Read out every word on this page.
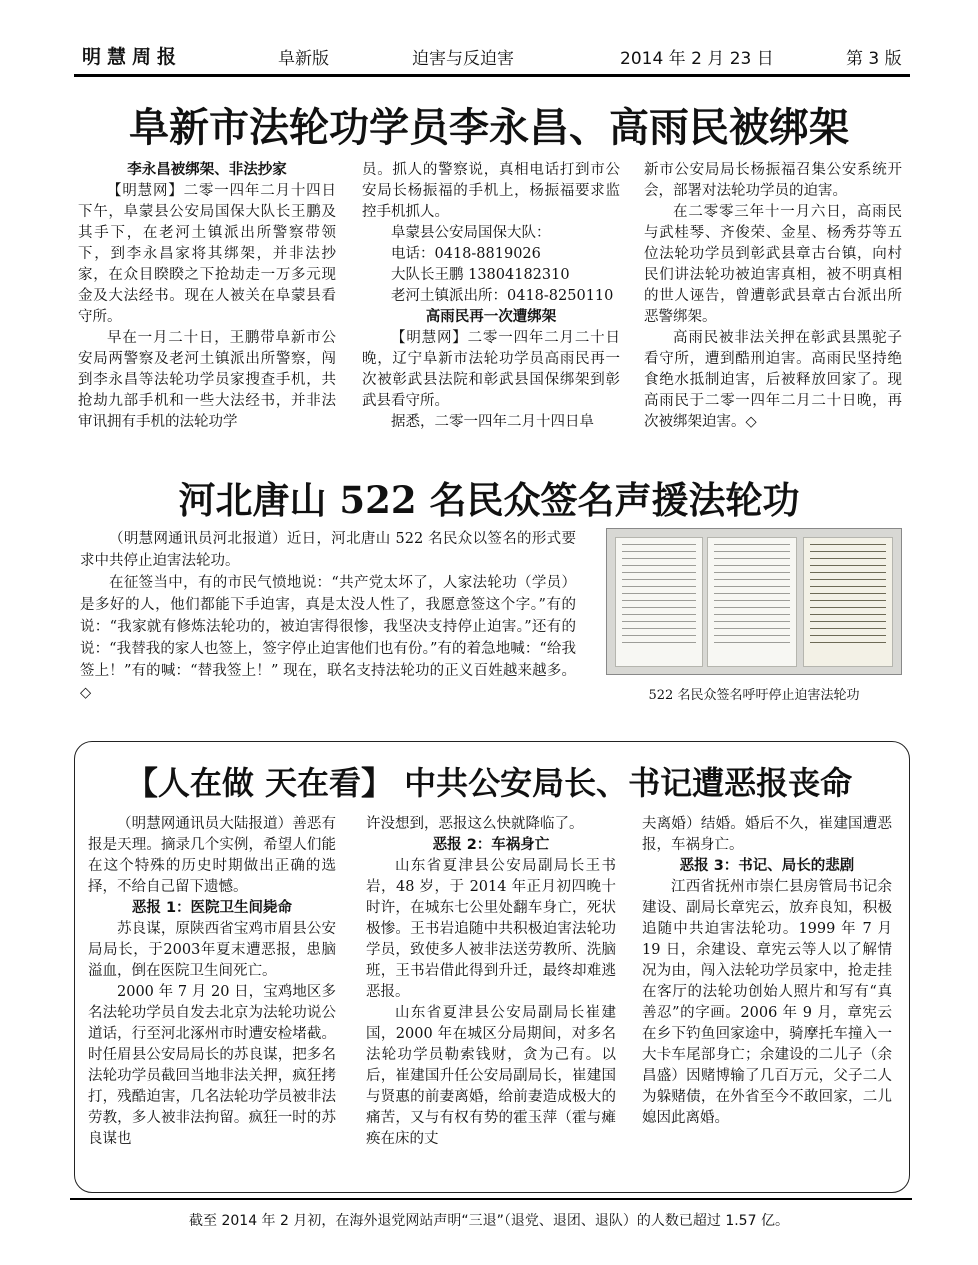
明慧周报	阜新版	迫害与反迫害	2014 年 2 月 23 日	第 3 版
阜新市法轮功学员李永昌、高雨民被绑架
李永昌被绑架、非法抄家

【明慧网】二零一四年二月十四日下午，阜蒙县公安局国保大队长王鹏及其手下，在老河土镇派出所警察带领下，到李永昌家将其绑架，并非法抄家，在众目睽睽之下抢劫走一万多元现金及大法经书。现在人被关在阜蒙县看守所。

早在一月二十日，王鹏带阜新市公安局两警察及老河土镇派出所警察，闯到李永昌等法轮功学员家搜查手机，共抢劫九部手机和一些大法经书，并非法审讯拥有手机的法轮功学

员。抓人的警察说，真相电话打到市公安局长杨振福的手机上，杨振福要求监控手机抓人。

阜蒙县公安局国保大队：
电话：0418-8819026
大队长王鹏 13804182310
老河土镇派出所：0418-8250110
高雨民再一次遭绑架

【明慧网】二零一四年二月二十日晚，辽宁阜新市法轮功学员高雨民再一次被彰武县法院和彰武县国保绑架到彰武县看守所。

据悉，二零一四年二月十四日阜

新市公安局局长杨振福召集公安系统开会，部署对法轮功学员的迫害。

在二零零三年十一月六日，高雨民与武桂琴、齐俊荣、金星、杨秀芬等五位法轮功学员到彰武县章古台镇，向村民们讲法轮功被迫害真相，被不明真相的世人诬告，曾遭彰武县章古台派出所恶警绑架。

高雨民被非法关押在彰武县黑驼子看守所，遭到酷刑迫害。高雨民坚持绝食绝水抵制迫害，后被释放回家了。现高雨民于二零一四年二月二十日晚，再次被绑架迫害。◇

河北唐山 522 名民众签名声援法轮功

（明慧网通讯员河北报道）近日，河北唐山 522 名民众以签名的形式要求中共停止迫害法轮功。

在征签当中，有的市民气愤地说：“共产党太坏了，人家法轮功（学员）是多好的人，他们都能下手迫害，真是太没人性了，我愿意签这个字。”有的说：“我家就有修炼法轮功的，被迫害得很惨，我坚决支持停止迫害。”还有的说：“我替我的家人也签上，签字停止迫害他们也有份。”有的着急地喊：“给我签上！”有的喊：“替我签上！” 现在，联名支持法轮功的正义百姓越来越多。◇	522 名民众签名呼吁停止迫害法轮功
【人在做 天在看】 中共公安局长、书记遭恶报丧命

（明慧网通讯员大陆报道）善恶有报是天理。摘录几个实例，希望人们能在这个特殊的历史时期做出正确的选择，不给自己留下遗憾。

恶报 1：医院卫生间毙命

苏良谋，原陕西省宝鸡市眉县公安局局长，于2003年夏末遭恶报，患脑溢血，倒在医院卫生间死亡。

2000 年 7 月 20 日，宝鸡地区多名法轮功学员自发去北京为法轮功说公道话，行至河北涿州市时遭安检堵截。时任眉县公安局局长的苏良谋，把多名法轮功学员截回当地非法关押，疯狂拷打，残酷迫害，几名法轮功学员被非法劳教，多人被非法拘留。疯狂一时的苏良谋也

许没想到，恶报这么快就降临了。

恶报 2：车祸身亡

山东省夏津县公安局副局长王书岩，48 岁，于 2014 年正月初四晚十时许，在城东七公里处翻车身亡，死状极惨。王书岩追随中共积极迫害法轮功学员，致使多人被非法送劳教所、洗脑班，王书岩借此得到升迁，最终却难逃恶报。

山东省夏津县公安局副局长崔建国，2000 年在城区分局期间，对多名法轮功学员勒索钱财，贪为己有。以后，崔建国升任公安局副局长，崔建国与贤惠的前妻离婚，给前妻造成极大的痛苦，又与有权有势的霍玉萍（霍与瘫痪在床的丈

夫离婚）结婚。婚后不久，崔建国遭恶报，车祸身亡。

恶报 3：书记、局长的悲剧

江西省抚州市崇仁县房管局书记余建设、副局长章宪云，放弃良知，积极追随中共迫害法轮功。1999 年 7 月 19 日，余建设、章宪云等人以了解情况为由，闯入法轮功学员家中，抢走挂在客厅的法轮功创始人照片和写有“真善忍”的字画。2006 年 9 月，章宪云在乡下钓鱼回家途中，骑摩托车撞入一大卡车尾部身亡；余建设的二儿子（余昌盛）因赌博输了几百万元，父子二人为躲赌债，在外省至今不敢回家，二儿媳因此离婚。

截至 2014 年 2 月初，在海外退党网站声明“三退”（退党、退团、退队）的人数已超过 1.57 亿。
